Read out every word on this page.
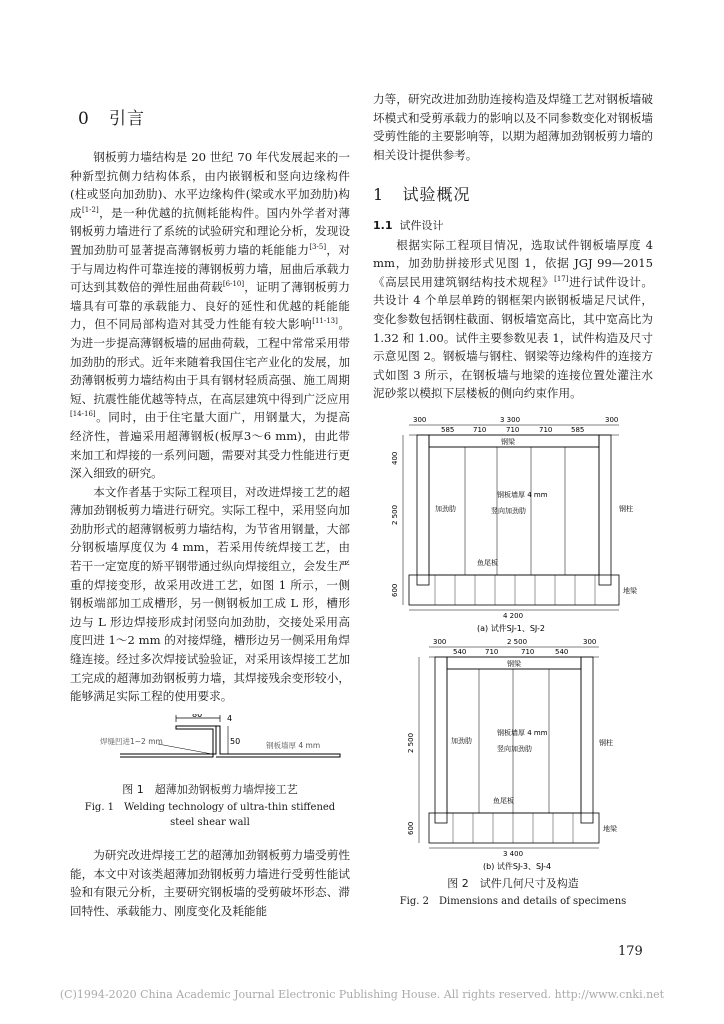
0 引言

钢板剪力墙结构是 20 世纪 70 年代发展起来的一种新型抗侧力结构体系，由内嵌钢板和竖向边缘构件(柱或竖向加劲肋)、水平边缘构件(梁或水平加劲肋)构成[1-2]，是一种优越的抗侧耗能构件。国内外学者对薄钢板剪力墙进行了系统的试验研究和理论分析，发现设置加劲肋可显著提高薄钢板剪力墙的耗能能力[3-5]，对于与周边构件可靠连接的薄钢板剪力墙，屈曲后承载力可达到其数倍的弹性屈曲荷载[6-10]，证明了薄钢板剪力墙具有可靠的承载能力、良好的延性和优越的耗能能力，但不同局部构造对其受力性能有较大影响[11-13]。为进一步提高薄钢板墙的屈曲荷载，工程中常常采用带加劲肋的形式。近年来随着我国住宅产业化的发展，加劲薄钢板剪力墙结构由于具有钢材轻质高强、施工周期短、抗震性能优越等特点，在高层建筑中得到广泛应用[14-16]。同时，由于住宅量大面广，用钢量大，为提高经济性，普遍采用超薄钢板(板厚3～6 mm)，由此带来加工和焊接的一系列问题，需要对其受力性能进行更深入细致的研究。

本文作者基于实际工程项目，对改进焊接工艺的超薄加劲钢板剪力墙进行研究。实际工程中，采用竖向加劲肋形式的超薄钢板剪力墙结构，为节省用钢量，大部分钢板墙厚度仅为 4 mm，若采用传统焊接工艺，由若干一定宽度的矫平钢带通过纵向焊接组立，会发生严重的焊接变形，故采用改进工艺，如图 1 所示，一侧钢板端部加工成槽形，另一侧钢板加工成 L 形，槽形边与 L 形边焊接形成封闭竖向加劲肋，交接处采用高度凹进 1～2 mm 的对接焊缝，槽形边另一侧采用角焊缝连接。经过多次焊接试验验证，对采用该焊接工艺加工完成的超薄加劲钢板剪力墙，其焊接残余变形较小，能够满足实际工程的使用要求。

80	4
50
焊缝凹进1~2 mm	钢板墙厚 4 mm
图 1　超薄加劲钢板剪力墙焊接工艺
Fig. 1　Welding technology of ultra-thin stiffened
steel shear wall

为研究改进焊接工艺的超薄加劲钢板剪力墙受剪性能，本文中对该类超薄加劲钢板剪力墙进行受剪性能试验和有限元分析，主要研究钢板墙的受剪破坏形态、滞回特性、承载能力、刚度变化及耗能能

力等，研究改进加劲肋连接构造及焊缝工艺对钢板墙破坏模式和受剪承载力的影响以及不同参数变化对钢板墙受剪性能的主要影响等，以期为超薄加劲钢板剪力墙的相关设计提供参考。

1 试验概况
1.1 试件设计

根据实际工程项目情况，选取试件钢板墙厚度 4 mm，加劲肋拼接形式见图 1，依据 JGJ 99—2015《高层民用建筑钢结构技术规程》[17]进行试件设计。共设计 4 个单层单跨的钢框架内嵌钢板墙足尺试件，变化参数包括钢柱截面、钢板墙宽高比，其中宽高比为 1.32 和 1.00。试件主要参数见表 1，试件构造及尺寸示意见图 2。钢板墙与钢柱、钢梁等边缘构件的连接方式如图 3 所示，在钢板墙与地梁的连接位置处灌注水泥砂浆以模拟下层楼板的侧向约束作用。

300	3 300	300
585	710	710	710	585
钢梁
加劲肋
钢板墙厚 4 mm
竖向加劲肋	钢柱
鱼尾板
地梁
400
2 500
600
4 200
(a) 试件SJ-1、SJ-2
300	2 500	300
540	710	710	540
钢梁
加劲肋
钢板墙厚 4 mm
竖向加劲肋
钢柱
鱼尾板
地梁
2 500
600
3 400
(b) 试件SJ-3、SJ-4
图 2　试件几何尺寸及构造
Fig. 2　Dimensions and details of specimens
179
(C)1994-2020 China Academic Journal Electronic Publishing House. All rights reserved. http://www.cnki.net
